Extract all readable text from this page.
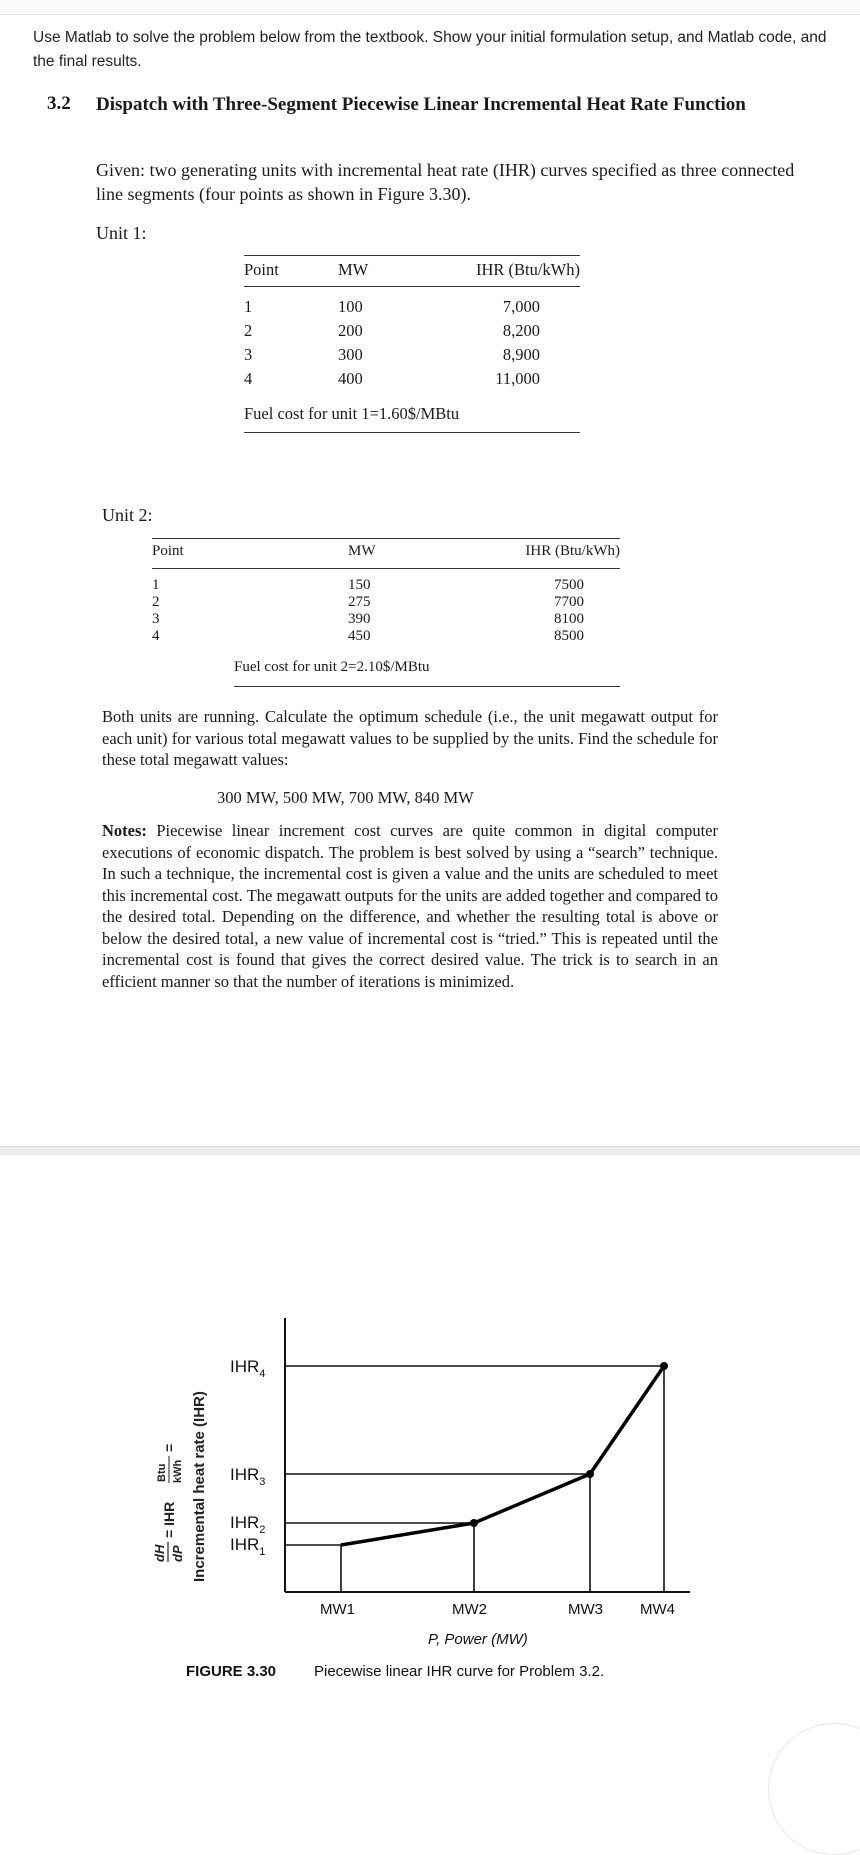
Use Matlab to solve the problem below from the textbook. Show your initial formulation setup, and Matlab code, and the final results.
3.2 Dispatch with Three-Segment Piecewise Linear Incremental Heat Rate Function
Given: two generating units with incremental heat rate (IHR) curves specified as three connected line segments (four points as shown in Figure 3.30).
Unit 1:
Point	MW	IHR (Btu/kWh)

1	100	7,000
2	200	8,200
3	300	8,900
4	400	11,000
Fuel cost for unit 1=1.60$/MBtu
Unit 2:
Point	MW	IHR (Btu/kWh)

1	150	7500
2	275	7700
3	390	8100
4	450	8500
Fuel cost for unit 2=2.10$/MBtu
Both units are running. Calculate the optimum schedule (i.e., the unit megawatt output for each unit) for various total megawatt values to be supplied by the units. Find the schedule for these total megawatt values:
300 MW, 500 MW, 700 MW, 840 MW
Notes: Piecewise linear increment cost curves are quite common in digital computer executions of economic dispatch. The problem is best solved by using a “search” technique. In such a technique, the incremental cost is given a value and the units are scheduled to meet this incremental cost. The megawatt outputs for the units are added together and compared to the desired total. Depending on the difference, and whether the resulting total is above or below the desired total, a new value of incremental cost is “tried.” This is repeated until the incremental cost is found that gives the correct desired value. The trick is to search in an efficient manner so that the number of iterations is minimized.
Incremental heat rate (IHR)
dH dP
= IHR
Btu kWh
=
$IHR_4$
$IHR_3$
$IHR_2$
$IHR_1$
MW1	MW2	MW3 MW4
P, Power (MW)
FIGURE 3.30	Piecewise linear IHR curve for Problem 3.2.
